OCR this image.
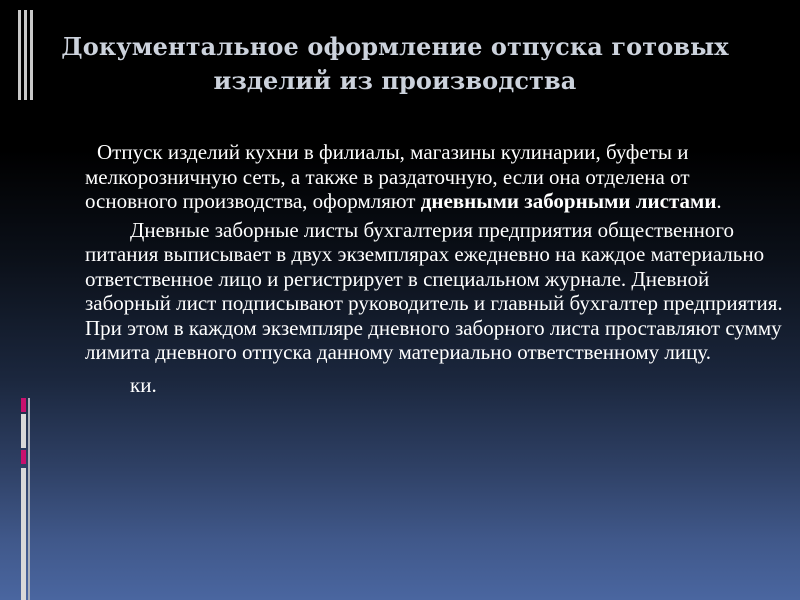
Документальное оформление отпуска готовых изделий из производства

Отпуск изделий кухни в филиалы, магазины кулинарии, буфеты и мелкорозничную сеть, а также в раздаточную, если она отделена от основного производства, оформляют дневными заборными листами.

Дневные заборные листы бухгалтерия предприятия общественного питания выписывает в двух экземплярах ежедневно на каждое материально ответственное лицо и регистрирует в специальном журнале. Дневной заборный лист подписывают руководитель и главный бухгалтер предприятия. При этом в каждом экземпляре дневного заборного листа проставляют сумму лимита дневного отпуска данному материально ответственному лицу.

ки.
